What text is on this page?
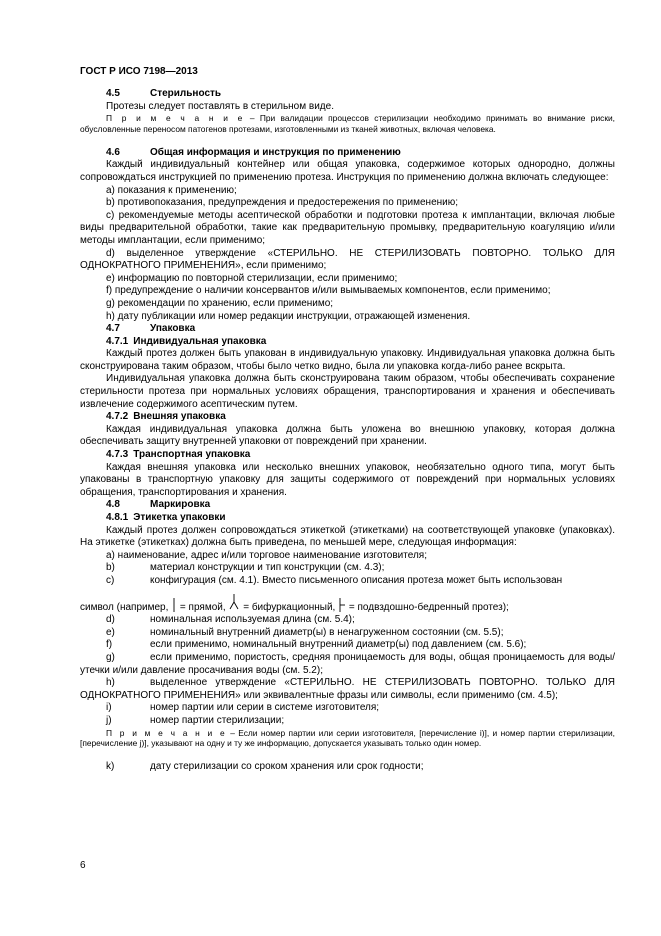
ГОСТ Р ИСО 7198—2013

4.5	Стерильность

Протезы следует поставлять в стерильном виде.

П р и м е ч а н и е – При валидации процессов стерилизации необходимо принимать во внимание риски, обусловленные переносом патогенов протезами, изготовленными из тканей животных, включая человека.

4.6	Общая информация и инструкция по применению

Каждый индивидуальный контейнер или общая упаковка, содержимое которых однородно, должны сопровождаться инструкцией по применению протеза. Инструкция по применению должна включать следующее:

a) показания к применению;

b) противопоказания, предупреждения и предостережения по применению;

c) рекомендуемые методы асептической обработки и подготовки протеза к имплантации, включая любые виды предварительной обработки, такие как предварительную промывку, предварительную коагуляцию и/или методы имплантации, если применимо;

d) выделенное утверждение «СТЕРИЛЬНО. НЕ СТЕРИЛИЗОВАТЬ ПОВТОРНО. ТОЛЬКО ДЛЯ ОДНОКРАТНОГО ПРИМЕНЕНИЯ», если применимо;

e) информацию по повторной стерилизации, если применимо;

f) предупреждение о наличии консервантов и/или вымываемых компонентов, если применимо;

g) рекомендации по хранению, если применимо;

h) дату публикации или номер редакции инструкции, отражающей изменения.

4.7	Упаковка

4.7.1 Индивидуальная упаковка

Каждый протез должен быть упакован в индивидуальную упаковку. Индивидуальная упаковка должна быть сконструирована таким образом, чтобы было четко видно, была ли упаковка когда-либо ранее вскрыта.

Индивидуальная упаковка должна быть сконструирована таким образом, чтобы обеспечивать сохранение стерильности протеза при нормальных условиях обращения, транспортирования и хранения и обеспечивать извлечение содержимого асептическим путем.

4.7.2 Внешняя упаковка

Каждая индивидуальная упаковка должна быть уложена во внешнюю упаковку, которая должна обеспечивать защиту внутренней упаковки от повреждений при хранении.

4.7.3 Транспортная упаковка

Каждая внешняя упаковка или несколько внешних упаковок, необязательно одного типа, могут быть упакованы в транспортную упаковку для защиты содержимого от повреждений при нормальных условиях обращения, транспортирования и хранения.

4.8	Маркировка

4.8.1 Этикетка упаковки

Каждый протез должен сопровождаться этикеткой (этикетками) на соответствующей упаковке (упаковках). На этикетке (этикетках) должна быть приведена, по меньшей мере, следующая информация:

a) наименование, адрес и/или торговое наименование изготовителя;

b)	материал конструкции и тип конструкции (см. 4.3);

c)	конфигурация (см. 4.1). Вместо письменного описания протеза может быть использован

символ (например,  = прямой,  = бифуркационный,  = подвздошно-бедренный протез);

d)	номинальная используемая длина (см. 5.4);

e)	номинальный внутренний диаметр(ы) в ненагруженном состоянии (см. 5.5);

f)	если применимо, номинальный внутренний диаметр(ы) под давлением (см. 5.6);

g)	если применимо, пористость, средняя проницаемость для воды, общая проницаемость для воды/утечки и/или давление просачивания воды (см. 5.2);

h)	выделенное утверждение «СТЕРИЛЬНО. НЕ СТЕРИЛИЗОВАТЬ ПОВТОРНО. ТОЛЬКО ДЛЯ ОДНОКРАТНОГО ПРИМЕНЕНИЯ» или эквивалентные фразы или символы, если применимо (см. 4.5);

i)	номер партии или серии в системе изготовителя;

j)	номер партии стерилизации;

П р и м е ч а н и е – Если номер партии или серии изготовителя, [перечисление i)], и номер партии стерилизации, [перечисление j)], указывают на одну и ту же информацию, допускается указывать только один номер.

k)	дату стерилизации со сроком хранения или срок годности;

6
